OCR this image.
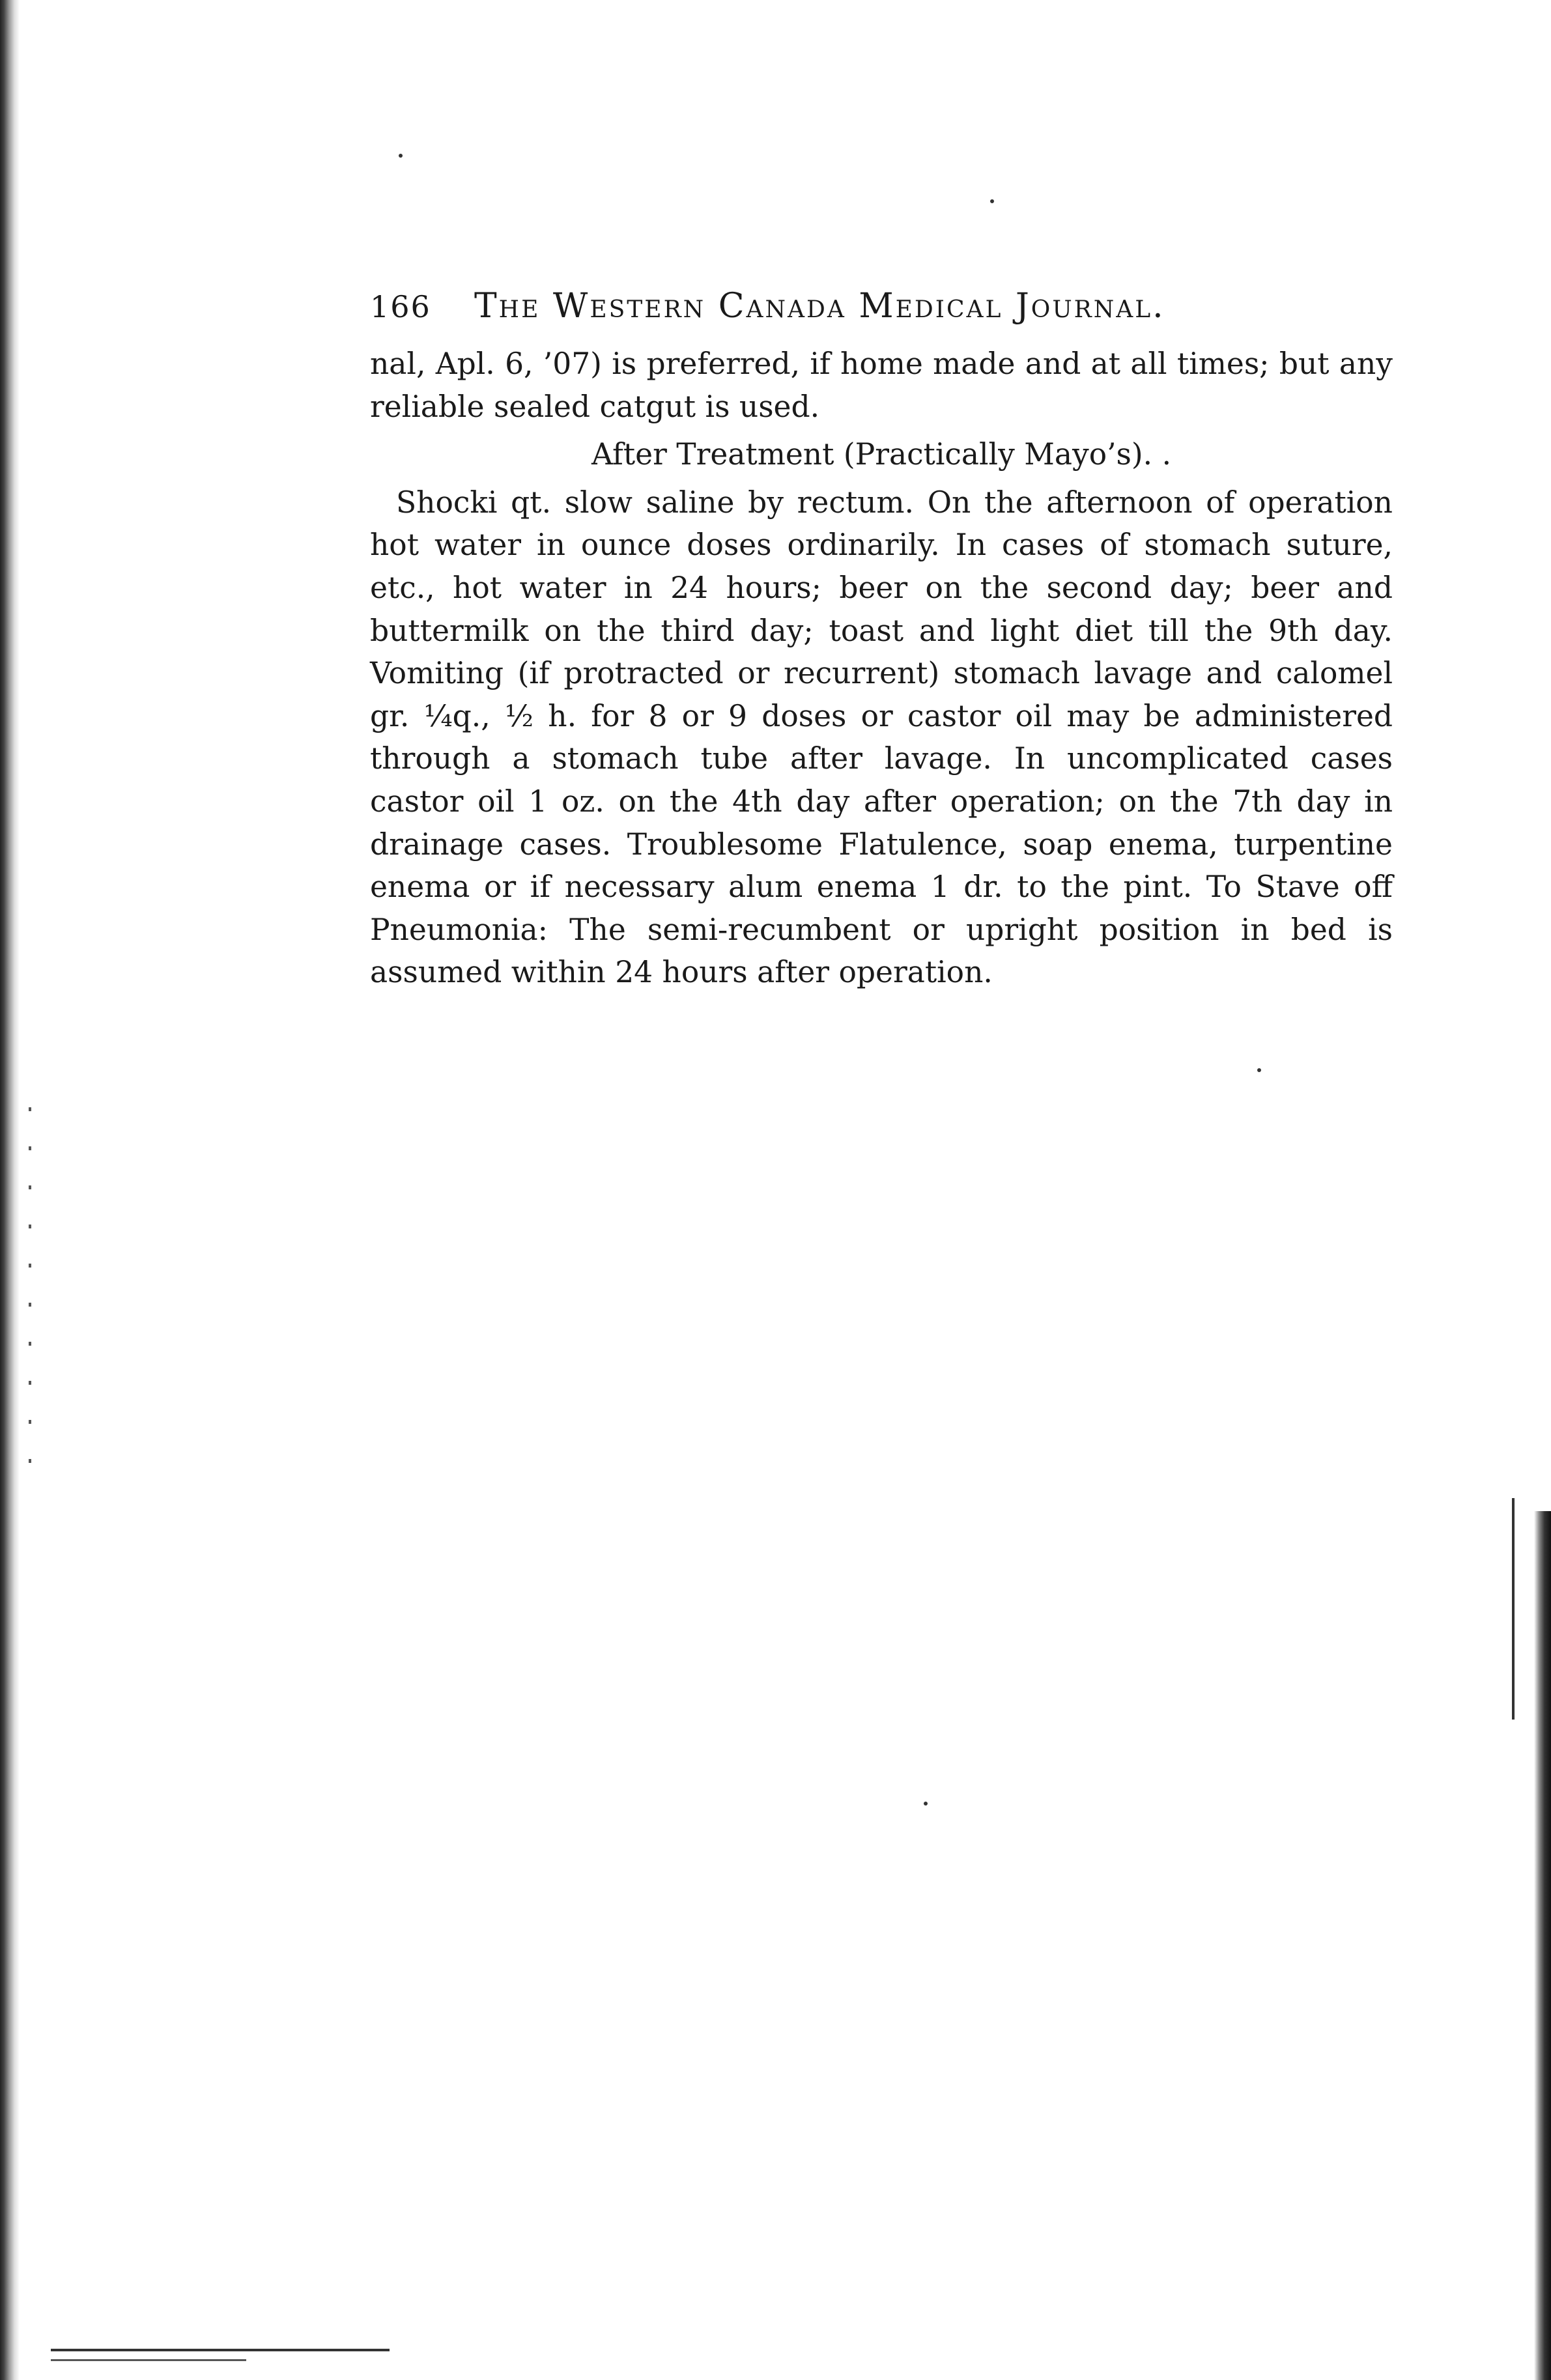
166	The Western Canada Medical Journal.

nal, Apl. 6, ’07) is preferred, if home made and at all times; but any reliable sealed catgut is used.

After Treatment (Practically Mayo’s). .

Shocki qt. slow saline by rectum. On the afternoon of operation hot water in ounce doses ordinarily. In cases of stomach suture, etc., hot water in 24 hours; beer on the second day; beer and buttermilk on the third day; toast and light diet till the 9th day. Vomiting (if protracted or recurrent) stomach lavage and calomel gr. ¼q., ½ h. for 8 or 9 doses or castor oil may be administered through a stomach tube after lavage. In uncomplicated cases castor oil 1 oz. on the 4th day after operation; on the 7th day in drainage cases. Troublesome Flatulence, soap enema, turpentine enema or if necessary alum enema 1 dr. to the pint. To Stave off Pneumonia: The semi-recumbent or upright position in bed is assumed within 24 hours after operation.
